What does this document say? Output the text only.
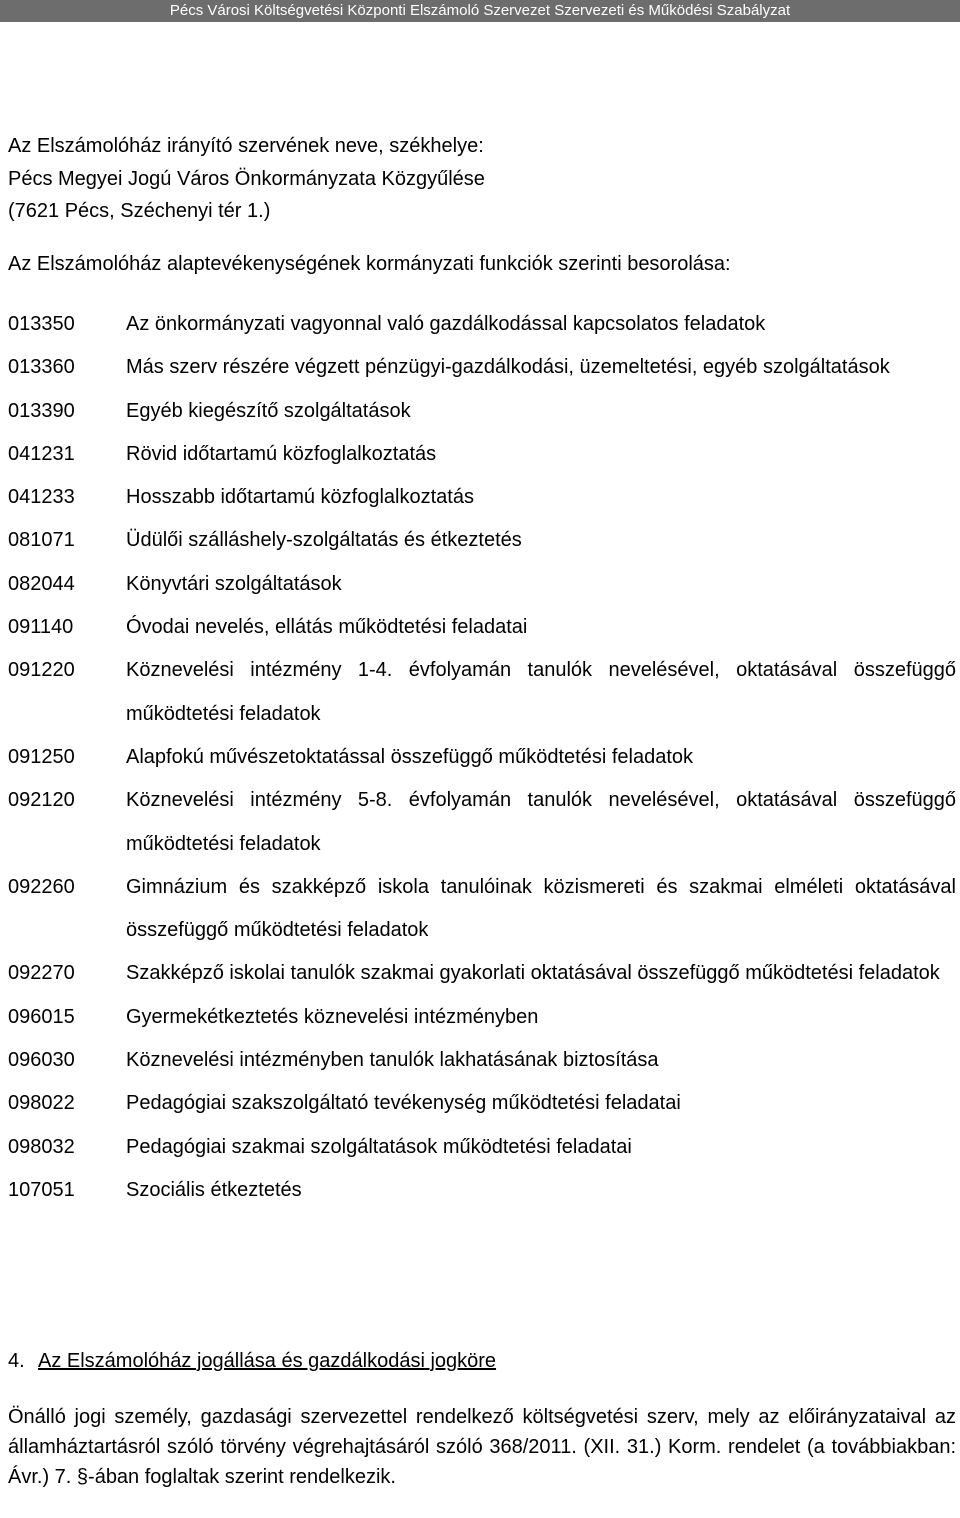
Pécs Városi Költségvetési Központi Elszámoló Szervezet Szervezeti és Működési Szabályzat
Az Elszámolóház irányító szervének neve, székhelye:
Pécs Megyei Jogú Város Önkormányzata Közgyűlése
(7621 Pécs, Széchenyi tér 1.)
Az Elszámolóház alaptevékenységének kormányzati funkciók szerinti besorolása:
013350	Az önkormányzati vagyonnal való gazdálkodással kapcsolatos feladatok
013360	Más szerv részére végzett pénzügyi-gazdálkodási, üzemeltetési, egyéb szolgáltatások
013390	Egyéb kiegészítő szolgáltatások
041231	Rövid időtartamú közfoglalkoztatás
041233	Hosszabb időtartamú közfoglalkoztatás
081071	Üdülői szálláshely-szolgáltatás és étkeztetés
082044	Könyvtári szolgáltatások
091140	Óvodai nevelés, ellátás működtetési feladatai
091220	Köznevelési intézmény 1-4. évfolyamán tanulók nevelésével, oktatásával összefüggő működtetési feladatok
091250	Alapfokú művészetoktatással összefüggő működtetési feladatok
092120	Köznevelési intézmény 5-8. évfolyamán tanulók nevelésével, oktatásával összefüggő működtetési feladatok
092260	Gimnázium és szakképző iskola tanulóinak közismereti és szakmai elméleti oktatásával összefüggő működtetési feladatok
092270	Szakképző iskolai tanulók szakmai gyakorlati oktatásával összefüggő működtetési feladatok
096015	Gyermekétkeztetés köznevelési intézményben
096030	Köznevelési intézményben tanulók lakhatásának biztosítása
098022	Pedagógiai szakszolgáltató tevékenység működtetési feladatai
098032	Pedagógiai szakmai szolgáltatások működtetési feladatai
107051	Szociális étkeztetés
4. Az Elszámolóház jogállása és gazdálkodási jogköre
Önálló jogi személy, gazdasági szervezettel rendelkező költségvetési szerv, mely az előirányzataival az államháztartásról szóló törvény végrehajtásáról szóló 368/2011. (XII. 31.) Korm. rendelet (a továbbiakban: Ávr.) 7. §-ában foglaltak szerint rendelkezik.
